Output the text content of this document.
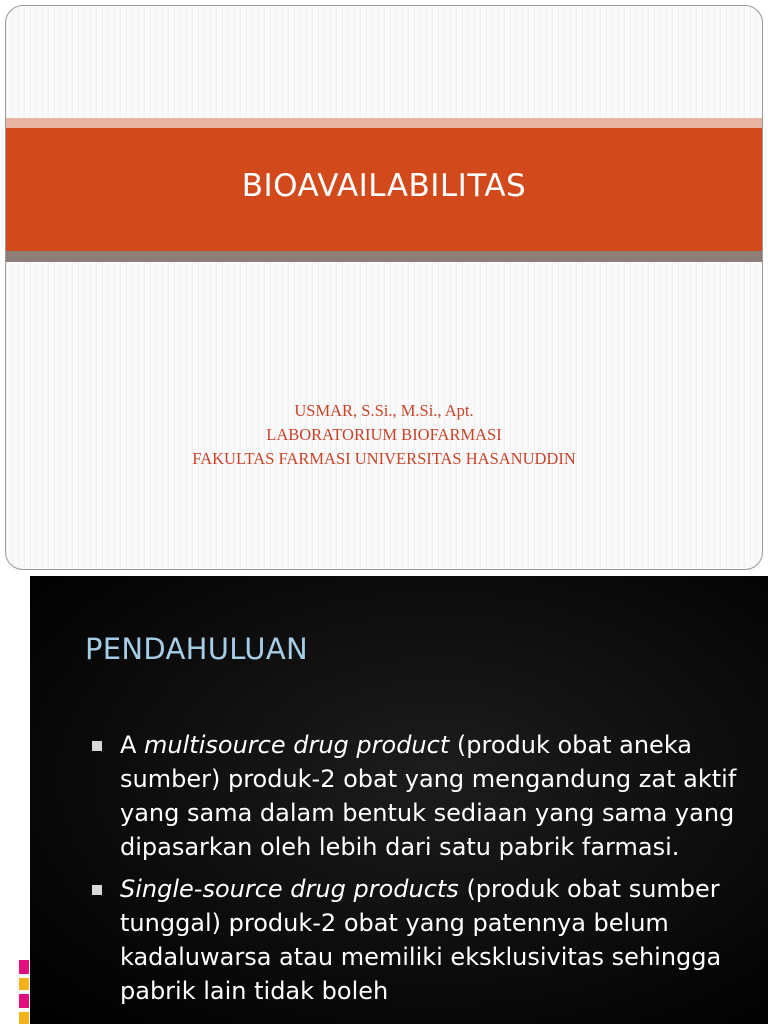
BIOAVAILABILITAS
USMAR, S.Si., M.Si., Apt.
LABORATORIUM BIOFARMASI
FAKULTAS FARMASI UNIVERSITAS HASANUDDIN
PENDAHULUAN
A multisource drug product (produk obat aneka sumber) produk-2 obat yang mengandung zat aktif yang sama dalam bentuk sediaan yang sama yang dipasarkan oleh lebih dari satu pabrik farmasi.
Single-source drug products (produk obat sumber tunggal) produk-2 obat yang patennya belum kadaluwarsa atau memiliki eksklusivitas sehingga pabrik lain tidak boleh
